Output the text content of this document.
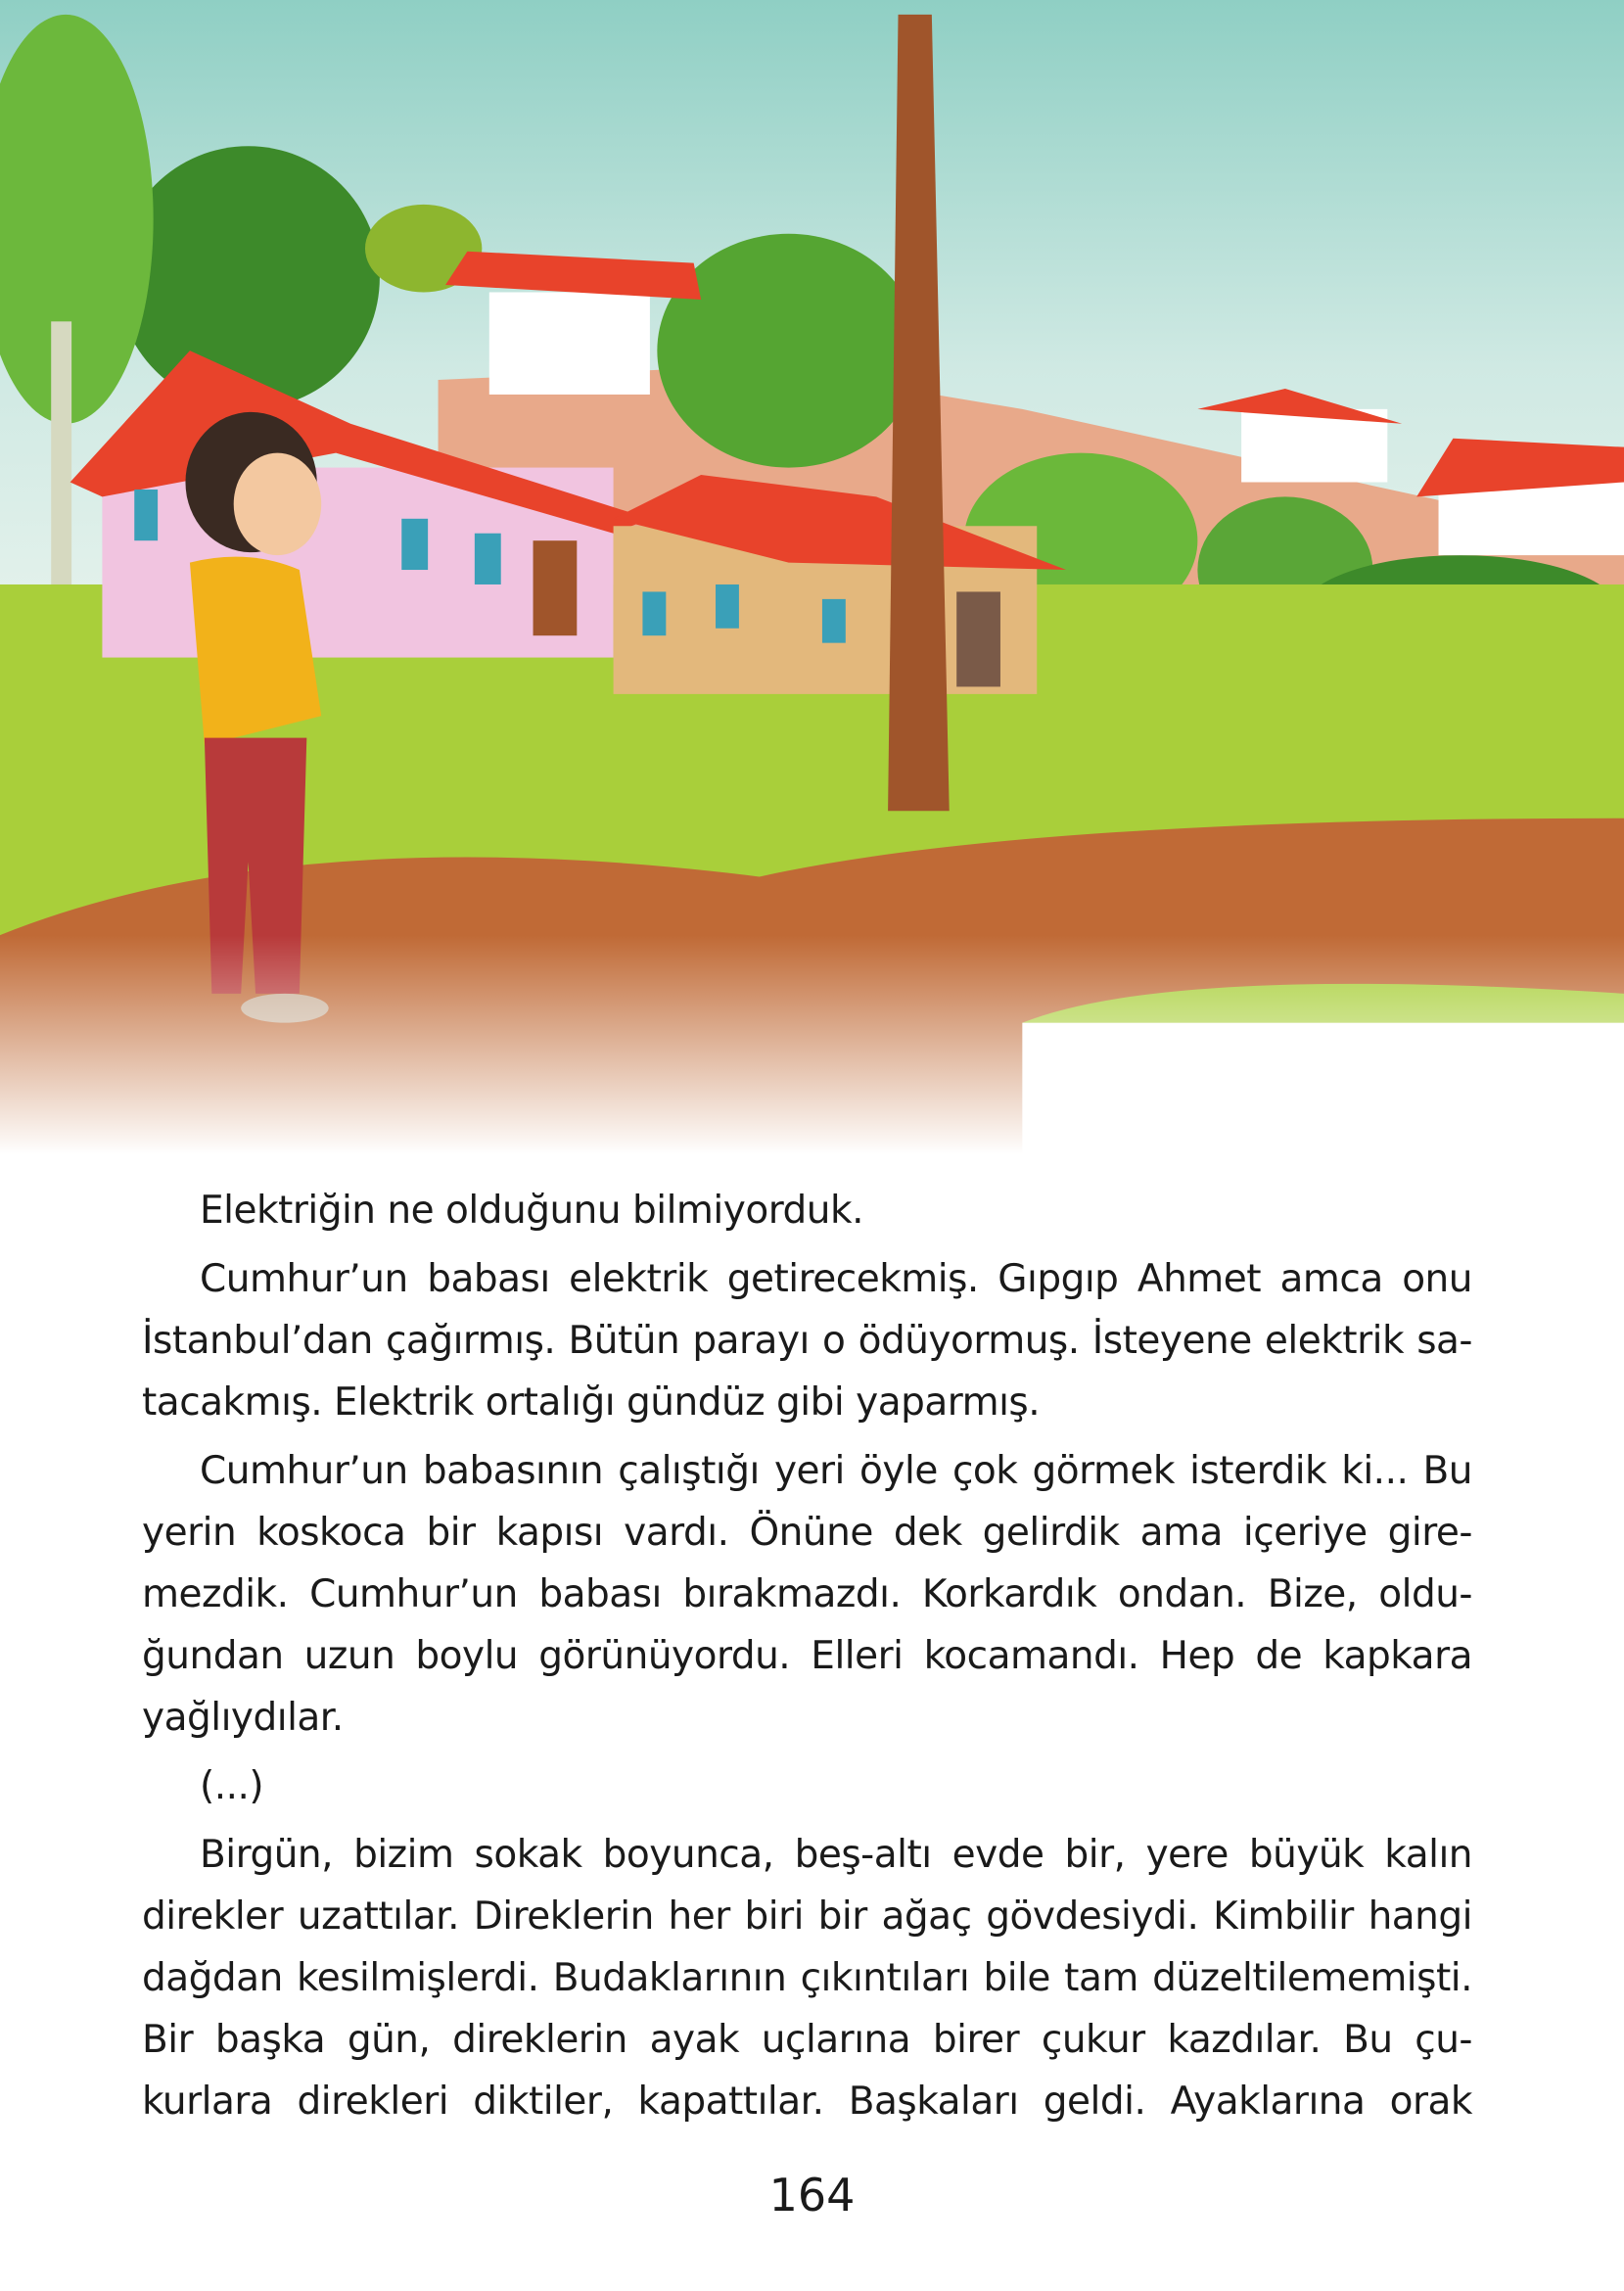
Elektriğin ne olduğunu bilmiyorduk.
Cumhur’un babası elektrik getirecekmiş. Gıpgıp Ahmet amca onu
İstanbul’dan çağırmış. Bütün parayı o ödüyormuş. İsteyene elektrik sa-
tacakmış. Elektrik ortalığı gündüz gibi yaparmış.
Cumhur’un babasının çalıştığı yeri öyle çok görmek isterdik ki... Bu
yerin koskoca bir kapısı vardı. Önüne dek gelirdik ama içeriye gire-
mezdik. Cumhur’un babası bırakmazdı. Korkardık ondan. Bize, oldu-
ğundan uzun boylu görünüyordu. Elleri kocamandı. Hep de kapkara
yağlıydılar.
(...)
Birgün, bizim sokak boyunca, beş-altı evde bir, yere büyük kalın
direkler uzattılar. Direklerin her biri bir ağaç gövdesiydi. Kimbilir hangi
dağdan kesilmişlerdi. Budaklarının çıkıntıları bile tam düzeltilememişti.
Bir başka gün, direklerin ayak uçlarına birer çukur kazdılar. Bu çu-
kurlara direkleri diktiler, kapattılar. Başkaları geldi. Ayaklarına orak
164
